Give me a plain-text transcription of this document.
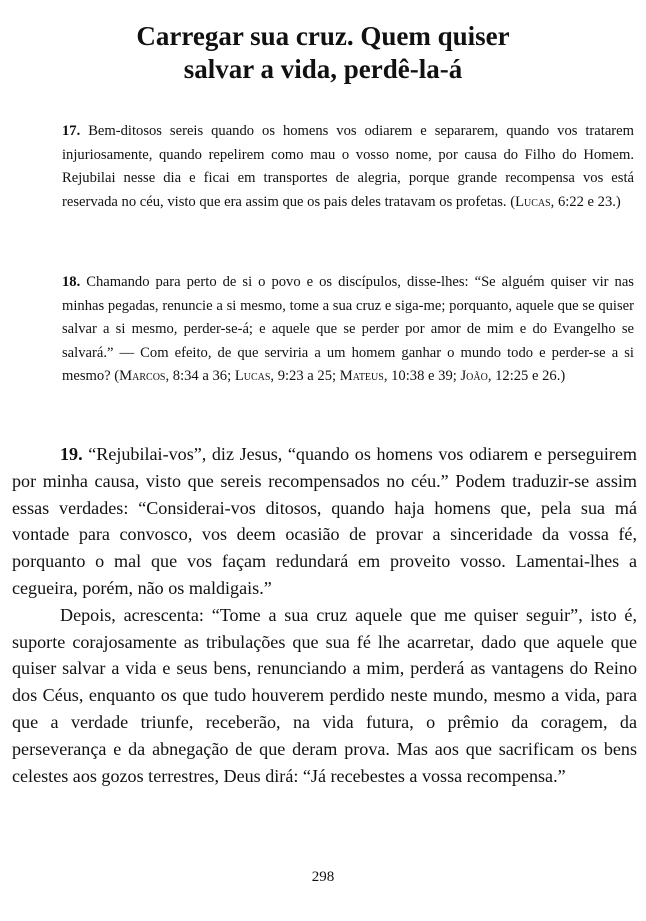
Carregar sua cruz. Quem quiser
salvar a vida, perdê-la-á

17. Bem-ditosos sereis quando os homens vos odiarem e separarem, quando vos tratarem injuriosamente, quando repelirem como mau o vosso nome, por causa do Filho do Homem. Rejubilai nesse dia e ficai em transportes de alegria, porque grande recompensa vos está reservada no céu, visto que era assim que os pais deles tratavam os profetas. (Lucas, 6:22 e 23.)

18. Chamando para perto de si o povo e os discípulos, disse-lhes: “Se alguém quiser vir nas minhas pegadas, renuncie a si mesmo, tome a sua cruz e siga-me; porquanto, aquele que se quiser salvar a si mesmo, perder-se-á; e aquele que se perder por amor de mim e do Evangelho se salvará.” — Com efeito, de que serviria a um homem ganhar o mundo todo e perder-se a si mesmo? (Marcos, 8:34 a 36; Lucas, 9:23 a 25; Mateus, 10:38 e 39; João, 12:25 e 26.)

19. “Rejubilai-vos”, diz Jesus, “quando os homens vos odiarem e perseguirem por minha causa, visto que sereis recompensados no céu.” Podem traduzir-se assim essas verdades: “Considerai-vos ditosos, quando haja homens que, pela sua má vontade para convosco, vos deem ocasião de provar a sinceridade da vossa fé, porquanto o mal que vos façam redundará em proveito vosso. Lamentai-lhes a cegueira, porém, não os maldigais.”

Depois, acrescenta: “Tome a sua cruz aquele que me quiser seguir”, isto é, suporte corajosamente as tribulações que sua fé lhe acarretar, dado que aquele que quiser salvar a vida e seus bens, renunciando a mim, perderá as vantagens do Reino dos Céus, enquanto os que tudo houverem perdido neste mundo, mesmo a vida, para que a verdade triunfe, receberão, na vida futura, o prêmio da coragem, da perseverança e da abnegação de que deram prova. Mas aos que sacrificam os bens celestes aos gozos terrestres, Deus dirá: “Já recebestes a vossa recompensa.”

298
